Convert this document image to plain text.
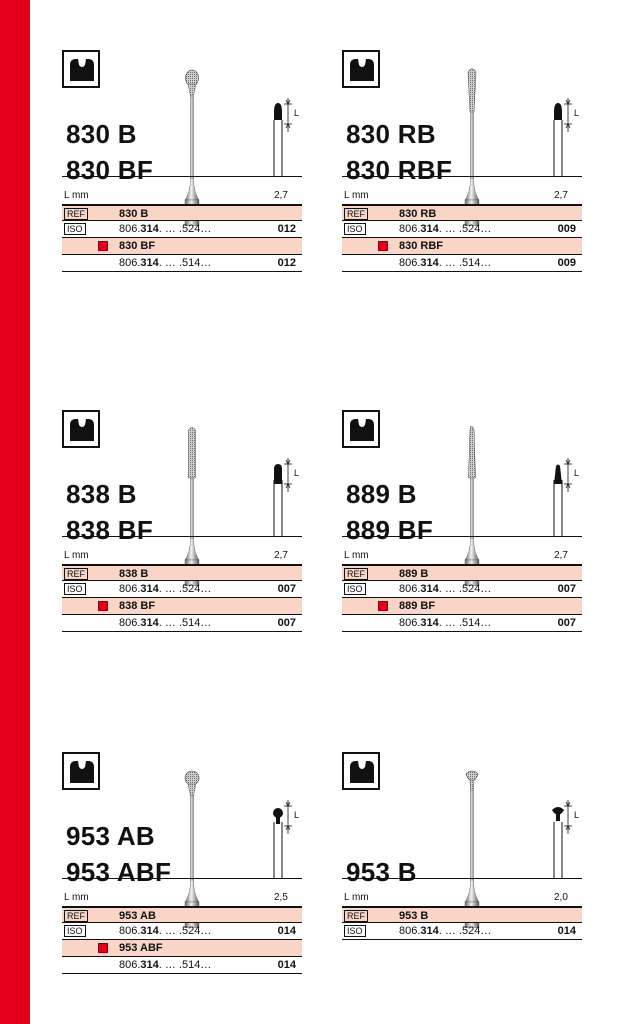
L
830 B
830 BF
L mm	2,7
REF	830 B
ISO	806.314. … .524…	012
830 BF
806.314. … .514…	012
L
830 RB
830 RBF
L mm	2,7
REF	830 RB
ISO	806.314. … .524…	009
830 RBF
806.314. … .514…	009
L
838 B
838 BF
L mm	2,7
REF	838 B
ISO	806.314. … .524…	007
838 BF
806.314. … .514…	007
L
889 B
889 BF
L mm	2,7
REF	889 B
ISO	806.314. … .524…	007
889 BF
806.314. … .514…	007
L
953 AB
953 ABF
L mm	2,5
REF	953 AB
ISO	806.314. … .524…	014
953 ABF
806.314. … .514…	014
L
953 B
L mm	2,0
REF	953 B
ISO	806.314. … .524…	014
